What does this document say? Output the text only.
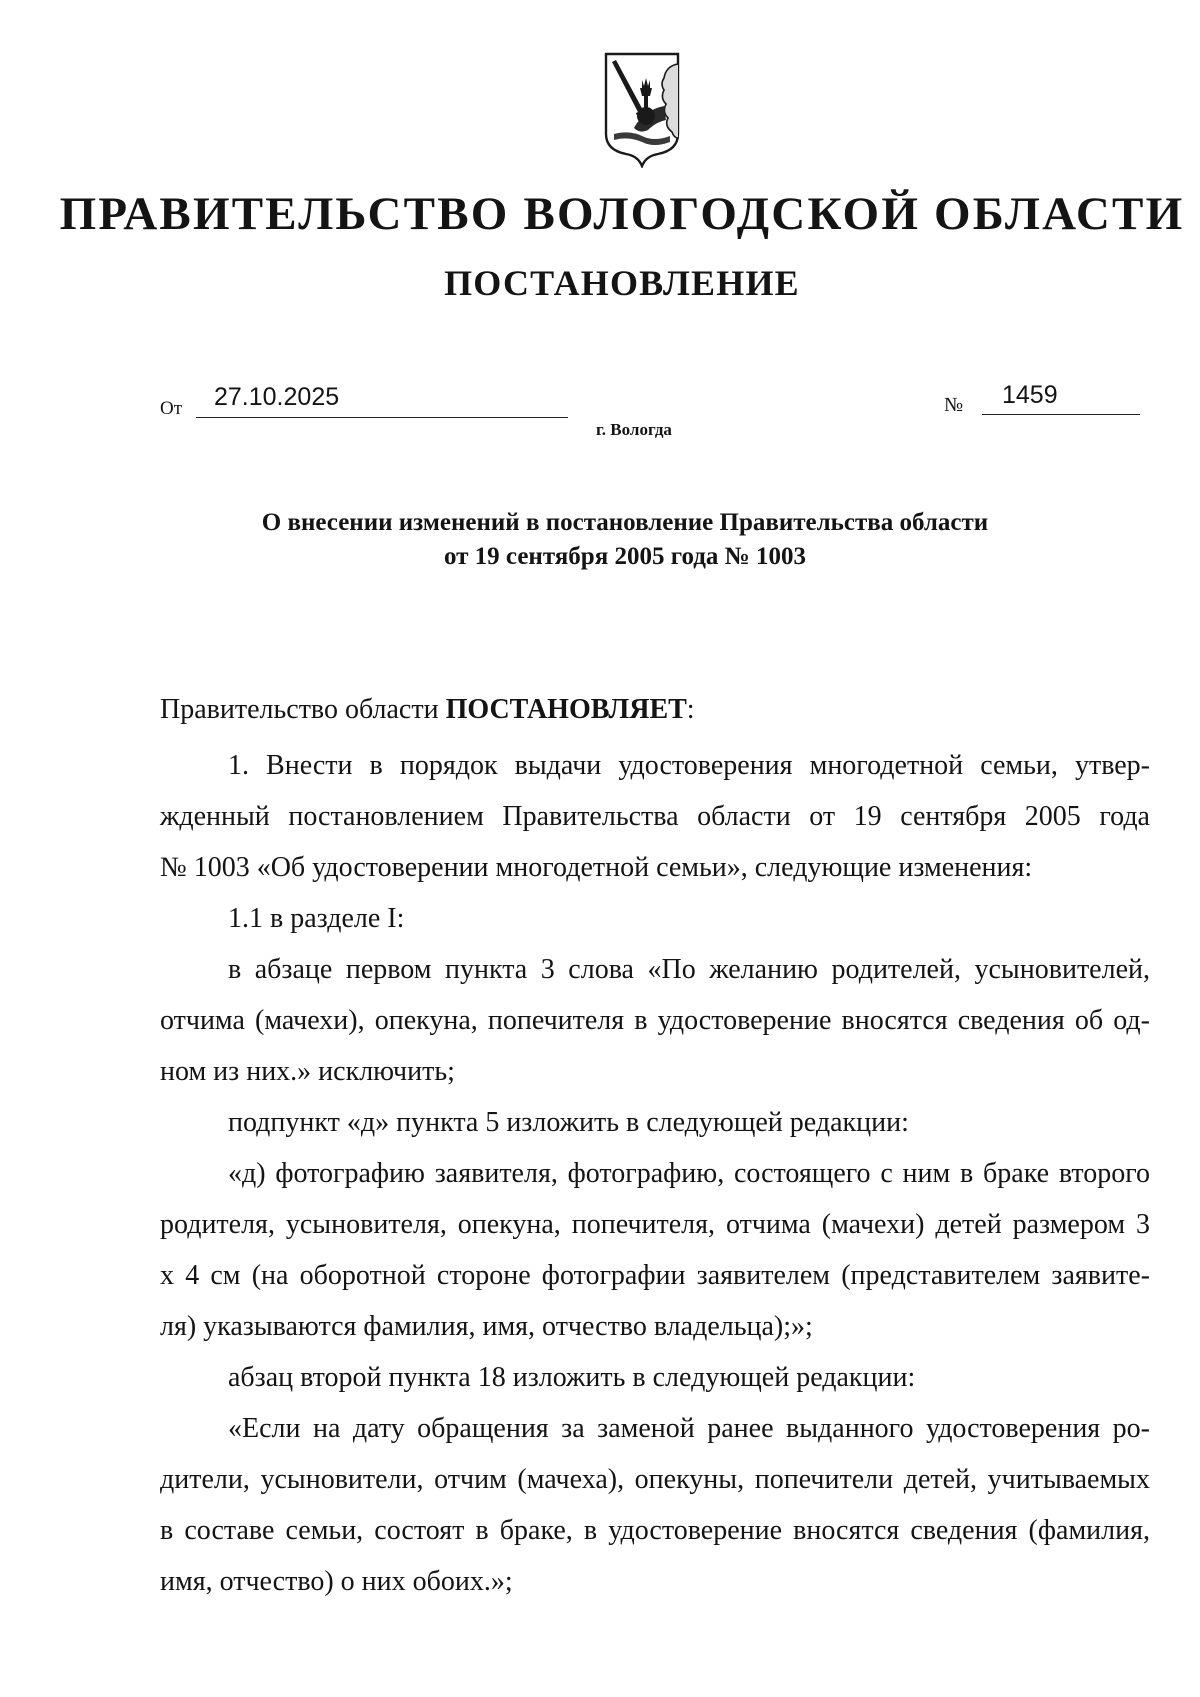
ПРАВИТЕЛЬСТВО ВОЛОГОДСКОЙ ОБЛАСТИ
ПОСТАНОВЛЕНИЕ
От 27.10.2025	№ 1459
г. Вологда
О внесении изменений в постановление Правительства области
от 19 сентября 2005 года № 1003
Правительство области ПОСТАНОВЛЯЕТ:
1. Внести в порядок выдачи удостоверения многодетной семьи, утвер-
жденный постановлением Правительства области от 19 сентября 2005 года
№ 1003 «Об удостоверении многодетной семьи», следующие изменения:
1.1 в разделе I:
в абзаце первом пункта 3 слова «По желанию родителей, усыновителей,
отчима (мачехи), опекуна, попечителя в удостоверение вносятся сведения об од-
ном из них.» исключить;
подпункт «д» пункта 5 изложить в следующей редакции:
«д) фотографию заявителя, фотографию, состоящего с ним в браке второго
родителя, усыновителя, опекуна, попечителя, отчима (мачехи) детей размером 3
х 4 см (на оборотной стороне фотографии заявителем (представителем заявите-
ля) указываются фамилия, имя, отчество владельца);»;
абзац второй пункта 18 изложить в следующей редакции:
«Если на дату обращения за заменой ранее выданного удостоверения ро-
дители, усыновители, отчим (мачеха), опекуны, попечители детей, учитываемых
в составе семьи, состоят в браке, в удостоверение вносятся сведения (фамилия,
имя, отчество) о них обоих.»;
